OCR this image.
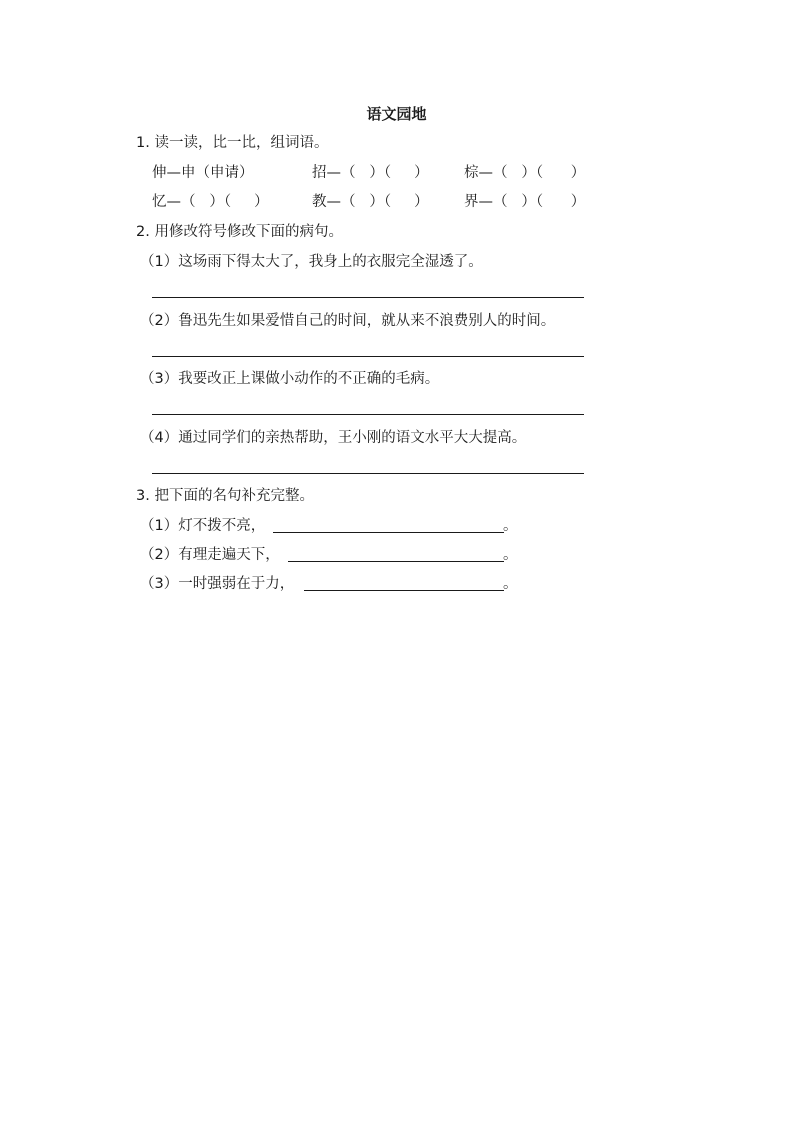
语文园地
1. 读一读，比一比，组词语。
伸—申（申请）	招—（   ）（     ） 棕—（   ）（      ）
忆—（   ）（     ）	教—（   ）（     ） 界—（   ）（      ）
2. 用修改符号修改下面的病句。
（1）这场雨下得太大了，我身上的衣服完全湿透了。
（2）鲁迅先生如果爱惜自己的时间，就从来不浪费别人的时间。
（3）我要改正上课做小动作的不正确的毛病。
（4）通过同学们的亲热帮助，王小刚的语文水平大大提高。
3. 把下面的名句补充完整。
（1）灯不拨不亮，	。
（2）有理走遍天下，	。
（3）一时强弱在于力，	。
